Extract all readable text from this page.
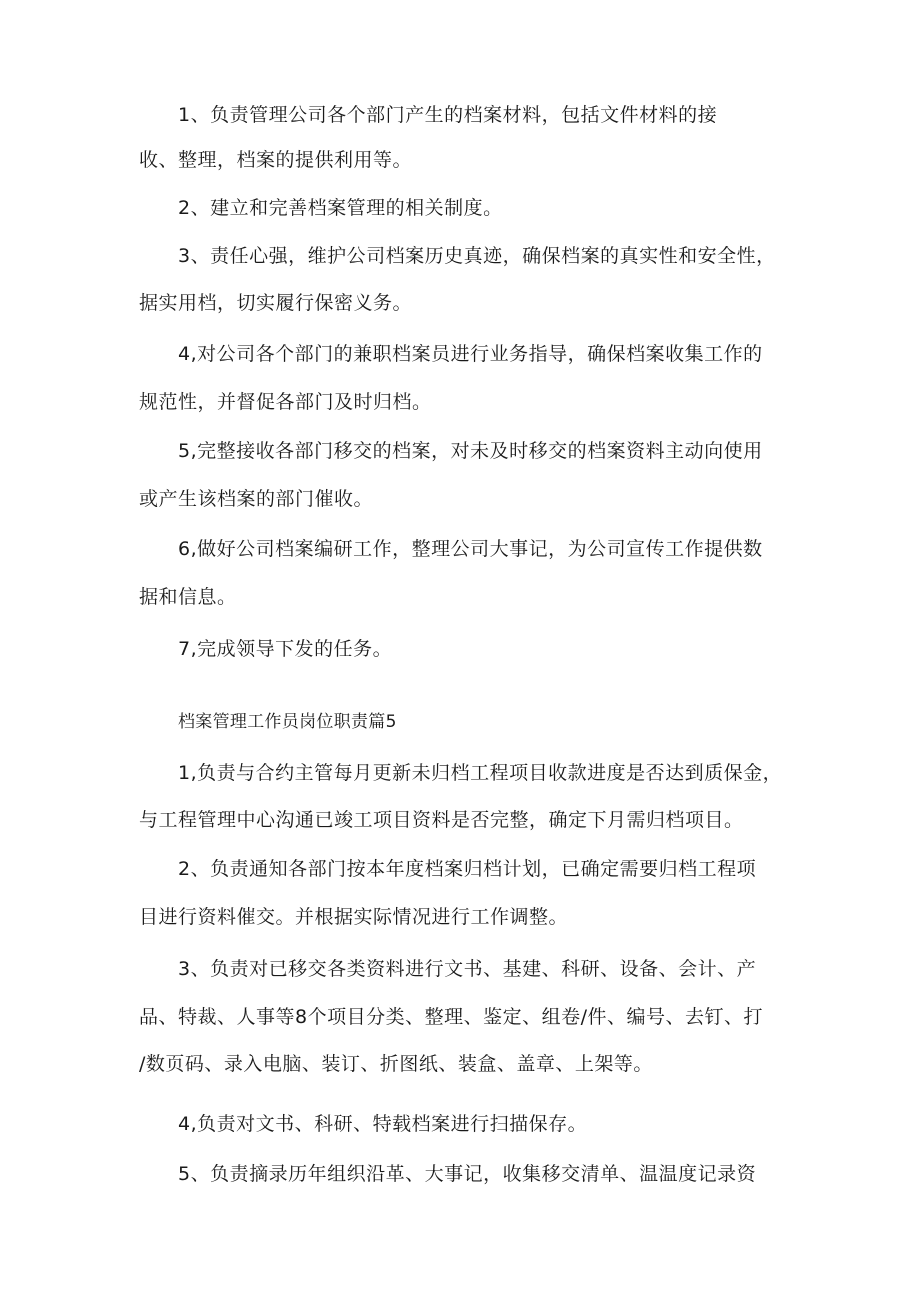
1、负责管理公司各个部门产生的档案材料，包括文件材料的接
收、整理，档案的提供利用等。
2、建立和完善档案管理的相关制度。
3、责任心强，维护公司档案历史真迹，确保档案的真实性和安全性，
据实用档，切实履行保密义务。
4,对公司各个部门的兼职档案员进行业务指导，确保档案收集工作的
规范性，并督促各部门及时归档。
5,完整接收各部门移交的档案，对未及时移交的档案资料主动向使用
或产生该档案的部门催收。
6,做好公司档案编研工作，整理公司大事记，为公司宣传工作提供数
据和信息。
7,完成领导下发的任务。
档案管理工作员岗位职责篇5
1,负责与合约主管每月更新未归档工程项目收款进度是否达到质保金，
与工程管理中心沟通已竣工项目资料是否完整，确定下月需归档项目。
2、负责通知各部门按本年度档案归档计划，已确定需要归档工程项
目进行资料催交。并根据实际情况进行工作调整。
3、负责对已移交各类资料进行文书、基建、科研、设备、会计、产
品、特裁、人事等8个项目分类、整理、鉴定、组卷/件、编号、去钉、打
/数页码、录入电脑、装订、折图纸、装盒、盖章、上架等。
4,负责对文书、科研、特载档案进行扫描保存。
5、负责摘录历年组织沿革、大事记，收集移交清单、温温度记录资
